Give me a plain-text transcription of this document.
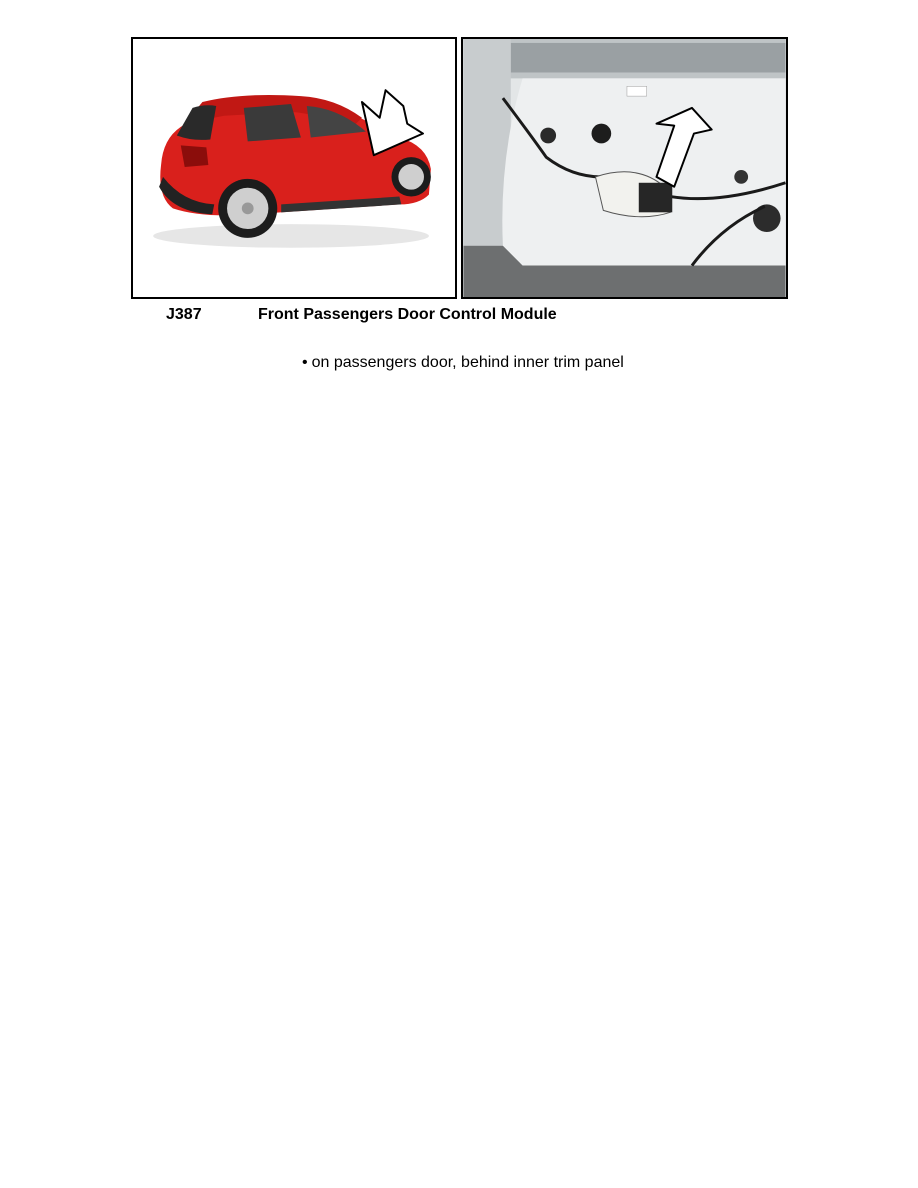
J387	Front Passengers Door Control Module
• on passengers door, behind inner trim panel
